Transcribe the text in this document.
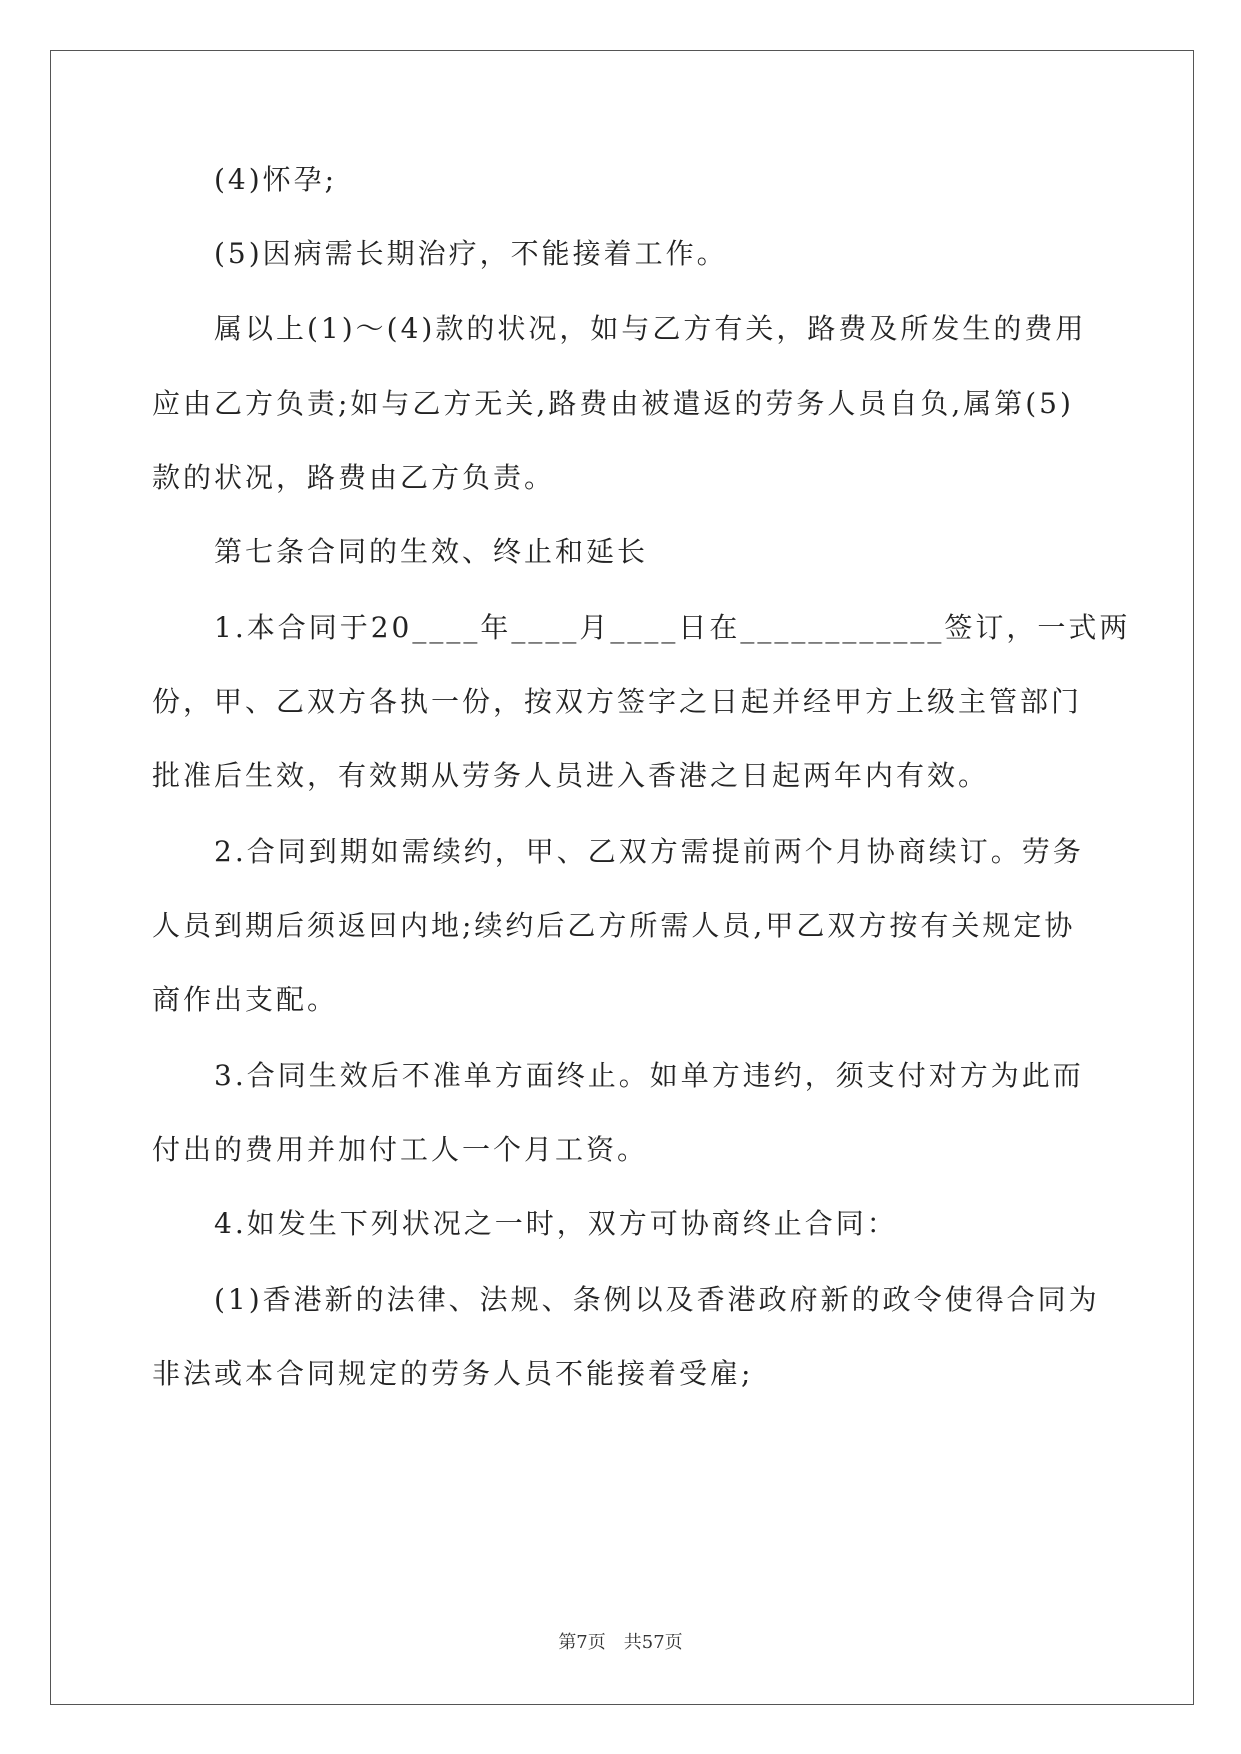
(4)怀孕;
(5)因病需长期治疗，不能接着工作。
属以上(1)～(4)款的状况，如与乙方有关，路费及所发生的费用
应由乙方负责;如与乙方无关,路费由被遣返的劳务人员自负,属第(5)
款的状况，路费由乙方负责。
第七条合同的生效、终止和延长
1.本合同于20____年____月____日在____________签订，一式两
份，甲、乙双方各执一份，按双方签字之日起并经甲方上级主管部门
批准后生效，有效期从劳务人员进入香港之日起两年内有效。
2.合同到期如需续约，甲、乙双方需提前两个月协商续订。劳务
人员到期后须返回内地;续约后乙方所需人员,甲乙双方按有关规定协
商作出支配。
3.合同生效后不准单方面终止。如单方违约，须支付对方为此而
付出的费用并加付工人一个月工资。
4.如发生下列状况之一时，双方可协商终止合同：
(1)香港新的法律、法规、条例以及香港政府新的政令使得合同为
非法或本合同规定的劳务人员不能接着受雇;
第7页 共57页
